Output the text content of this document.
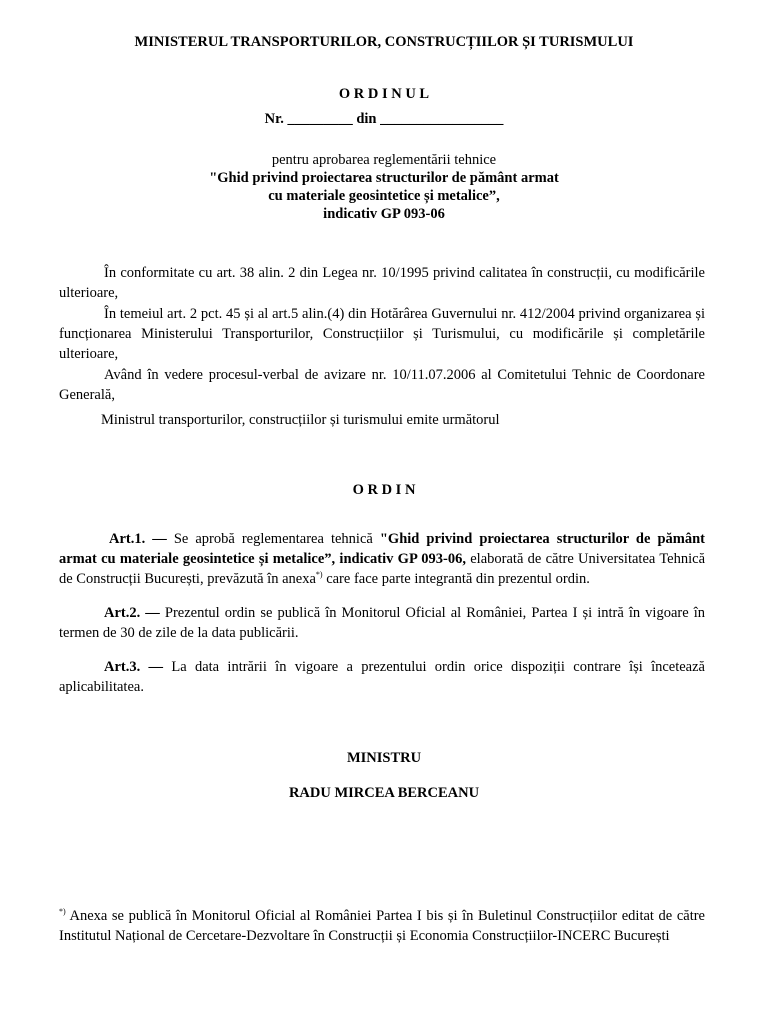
MINISTERUL TRANSPORTURILOR, CONSTRUCȚIILOR ȘI TURISMULUI
O R D I N U L
Nr. _________ din _________________
pentru aprobarea reglementării tehnice
"Ghid privind proiectarea structurilor de pământ armat
cu materiale geosintetice și metalice”,
indicativ GP 093-06
În conformitate cu art. 38 alin. 2 din Legea nr. 10/1995 privind calitatea în construcții, cu modificările ulterioare,
În temeiul art. 2 pct. 45 și al art.5 alin.(4) din Hotărârea Guvernului nr. 412/2004 privind organizarea și funcționarea Ministerului Transporturilor, Construcțiilor și Turismului, cu modificările și completările ulterioare,
Având în vedere procesul-verbal de avizare nr. 10/11.07.2006 al Comitetului Tehnic de Coordonare Generală,
Ministrul transporturilor, construcțiilor și turismului emite următorul
O R D I N
Art.1. — Se aprobă reglementarea tehnică "Ghid privind proiectarea structurilor de pământ armat cu materiale geosintetice și metalice”, indicativ GP 093-06, elaborată de către Universitatea Tehnică de Construcții București, prevăzută în anexa*) care face parte integrantă din prezentul ordin.
Art.2. — Prezentul ordin se publică în Monitorul Oficial al României, Partea I și intră în vigoare în termen de 30 de zile de la data publicării.
Art.3. — La data intrării în vigoare a prezentului ordin orice dispoziții contrare își încetează aplicabilitatea.
MINISTRU
RADU MIRCEA BERCEANU
*) Anexa se publică în Monitorul Oficial al României Partea I bis și în Buletinul Construcțiilor editat de către Institutul Național de Cercetare-Dezvoltare în Construcții și Economia Construcțiilor-INCERC București
